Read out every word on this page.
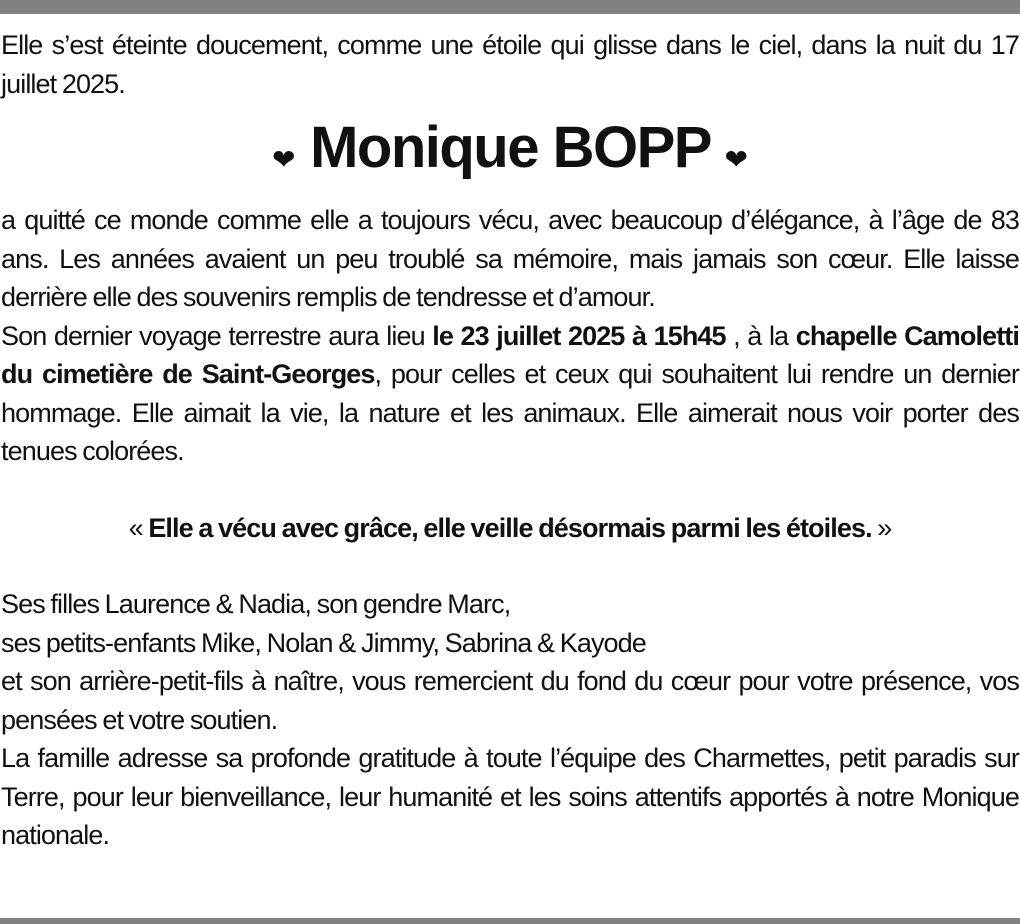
Elle s’est éteinte doucement, comme une étoile qui glisse dans le ciel, dans la nuit du 17 juillet 2025.

❤ Monique BOPP ❤

a quitté ce monde comme elle a toujours vécu, avec beaucoup d’élégance, à l’âge de 83 ans. Les années avaient un peu troublé sa mémoire, mais jamais son cœur. Elle laisse derrière elle des souvenirs remplis de tendresse et d’amour.

Son dernier voyage terrestre aura lieu le 23 juillet 2025 à 15h45 , à la chapelle Camoletti du cimetière de Saint-Georges, pour celles et ceux qui souhaitent lui rendre un dernier hommage. Elle aimait la vie, la nature et les animaux. Elle aimerait nous voir porter des tenues colorées.

« Elle a vécu avec grâce, elle veille désormais parmi les étoiles. »

Ses filles Laurence & Nadia, son gendre Marc,

ses petits-enfants Mike, Nolan & Jimmy, Sabrina & Kayode

et son arrière-petit-fils à naître, vous remercient du fond du cœur pour votre présence, vos pensées et votre soutien.

La famille adresse sa profonde gratitude à toute l’équipe des Charmettes, petit paradis sur Terre, pour leur bienveillance, leur humanité et les soins attentifs apportés à notre Monique nationale.
